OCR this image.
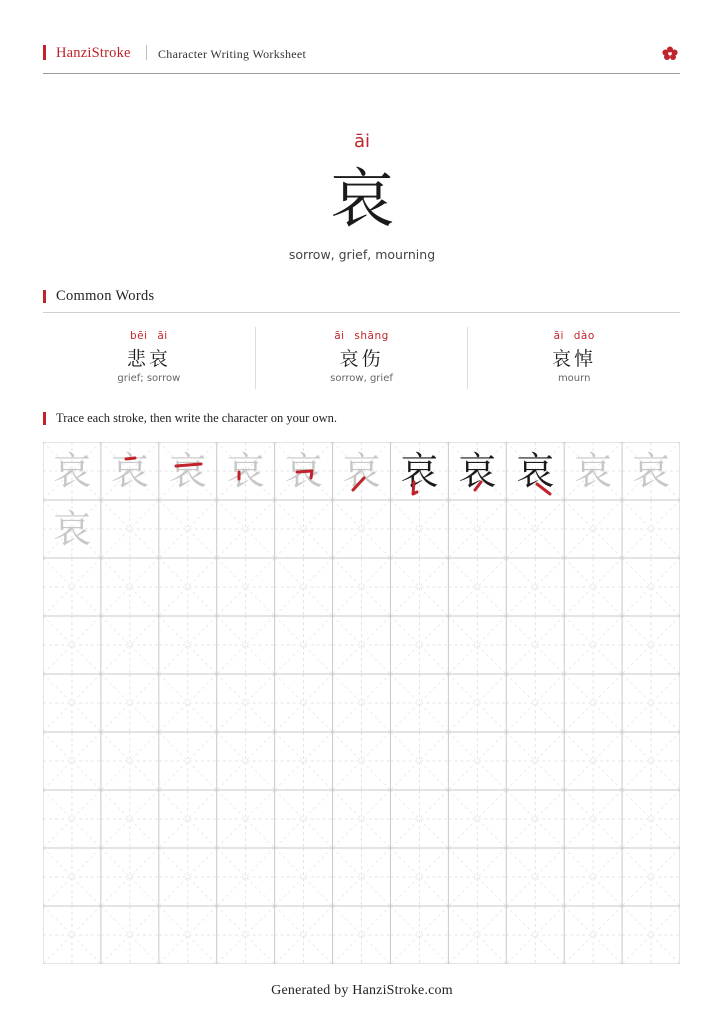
HanziStroke Character Writing Worksheet
āi
哀
sorrow, grief, mourning
Common Words
bēi āi
悲哀
grief; sorrow
āi shāng
哀伤
sorrow, grief
āi dào
哀悼
mourn
Trace each stroke, then write the character on your own.
哀 哀 哀 哀 哀 哀 哀 哀 哀 哀 哀
哀
Generated by HanziStroke.com
